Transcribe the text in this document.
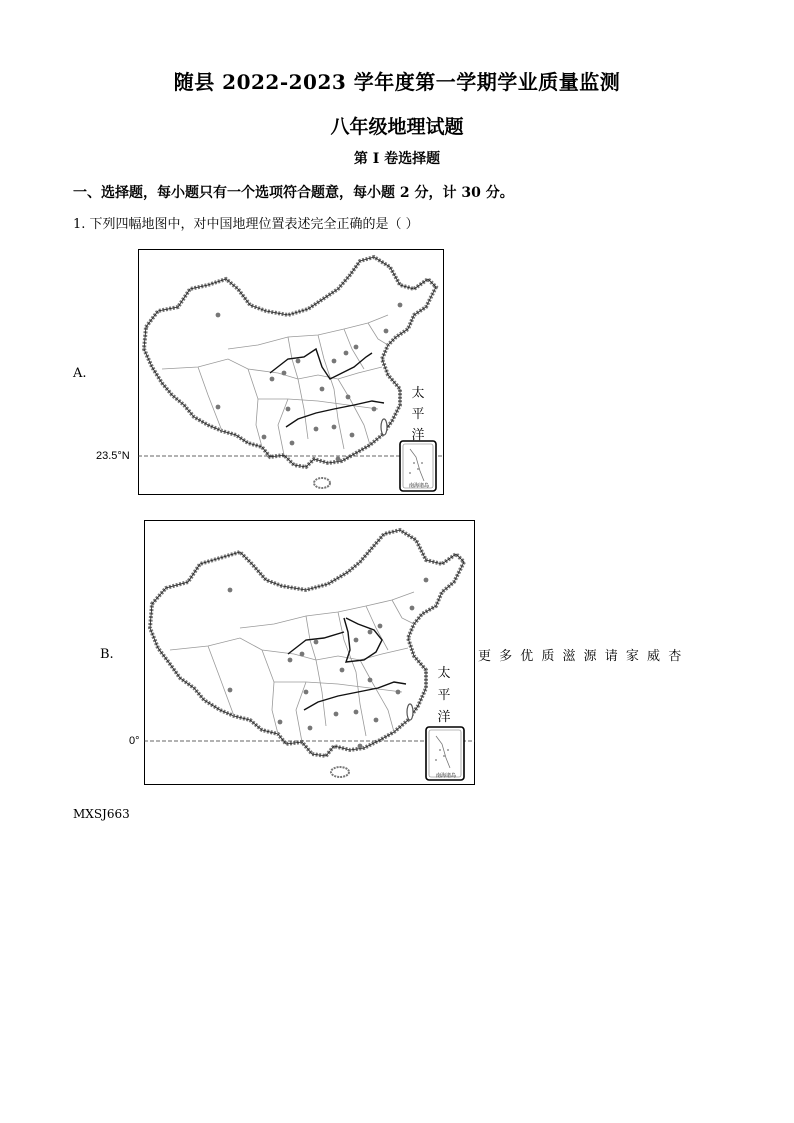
随县 2022-2023 学年度第一学期学业质量监测
八年级地理试题
第 I 卷选择题
一、选择题，每小题只有一个选项符合题意，每小题 2 分，计 30 分。
1. 下列四幅地图中，对中国地理位置表述完全正确的是（ ）
A.
23.5°N
太
平
洋
南海诸岛
B.
0°
太
平
洋
南海诸岛
更 多 优 质 滋 源 请 家 威 杏
MXSJ663
